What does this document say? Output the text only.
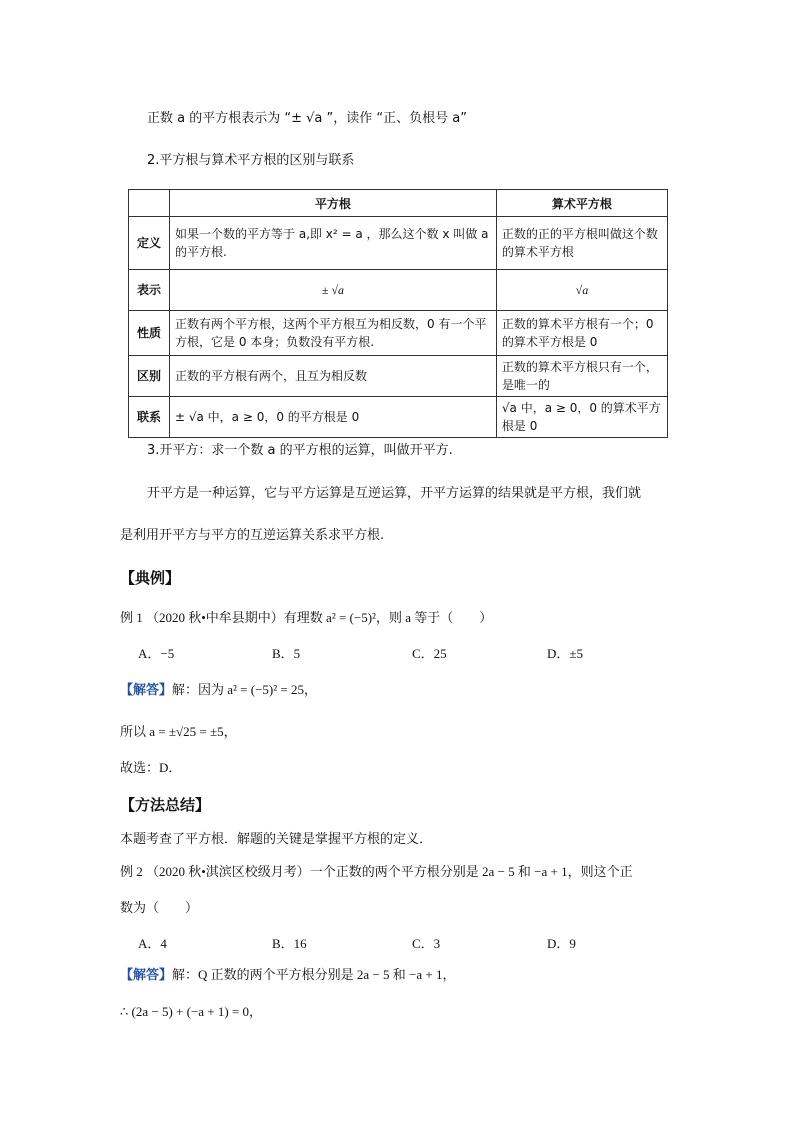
正数 a 的平方根表示为 “± √a ”，读作 “正、负根号 a”
2.平方根与算术平方根的区别与联系
	平方根	算术平方根
定义	如果一个数的平方等于 a,即 x² = a ，那么这个数 x 叫做 a 的平方根.	正数的正的平方根叫做这个数的算术平方根
表示	± √a	√a
性质	正数有两个平方根，这两个平方根互为相反数，0 有一个平方根，它是 0 本身；负数没有平方根.	正数的算术平方根有一个；0 的算术平方根是 0
区别	正数的平方根有两个，且互为相反数	正数的算术平方根只有一个，是唯一的
联系	± √a 中，a ≥ 0，0 的平方根是 0	√a 中，a ≥ 0，0 的算术平方根是 0
3.开平方：求一个数 a 的平方根的运算，叫做开平方.
开平方是一种运算，它与平方运算是互逆运算，开平方运算的结果就是平方根，我们就
是利用开平方与平方的互逆运算关系求平方根.
【典例】
例 1 （2020 秋•中牟县期中）有理数 a² = (−5)²，则 a 等于（　　）
A．−5	B．5	C．25	D．±5
【解答】解：因为 a² = (−5)² = 25，
所以 a = ±√25 = ±5，
故选：D．
【方法总结】
本题考查了平方根．解题的关键是掌握平方根的定义．
例 2 （2020 秋•淇滨区校级月考）一个正数的两个平方根分别是 2a − 5 和 −a + 1，则这个正
数为（　　）
A．4	B．16	C．3	D．9
【解答】解：Q 正数的两个平方根分别是 2a − 5 和 −a + 1，
∴ (2a − 5) + (−a + 1) = 0，
